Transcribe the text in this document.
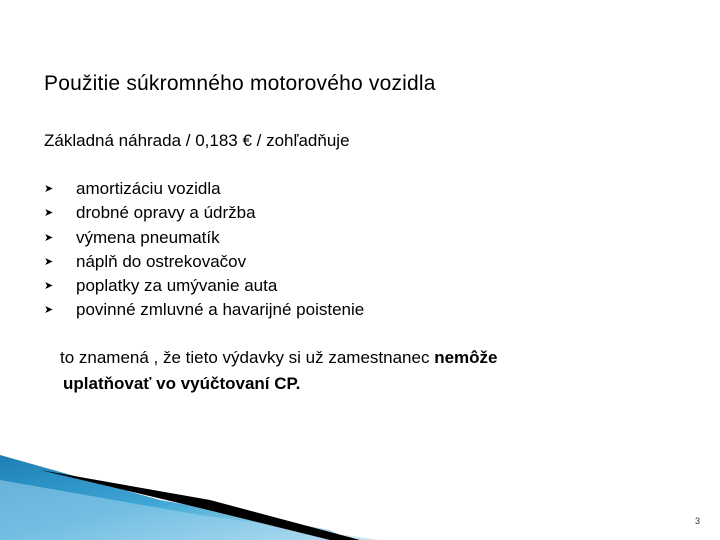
Použitie súkromného motorového vozidla
Základná náhrada / 0,183 € / zohľadňuje
➤ amortizáciu vozidla
➤ drobné opravy a údržba
➤ výmena pneumatík
➤ náplň do ostrekovačov
➤ poplatky za umývanie auta
➤ povinné zmluvné a havarijné poistenie
to znamená , že tieto výdavky si už zamestnanec nemôže
uplatňovať vo vyúčtovaní CP.
3
